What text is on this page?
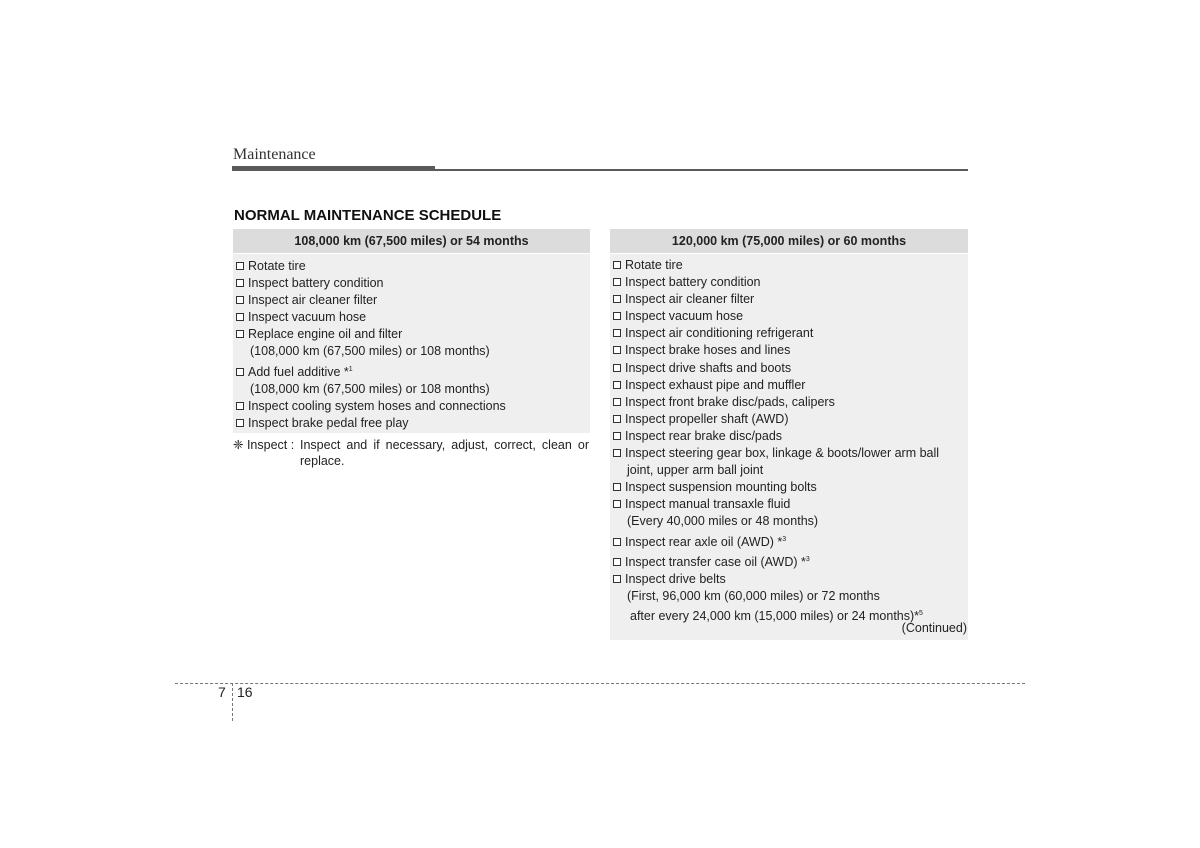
Maintenance
NORMAL MAINTENANCE SCHEDULE
108,000 km (67,500 miles) or 54 months
Rotate tire
Inspect battery condition
Inspect air cleaner filter
Inspect vacuum hose
Replace engine oil and filter
(108,000 km (67,500 miles) or 108 months)
Add fuel additive *$^1$
(108,000 km (67,500 miles) or 108 months)
Inspect cooling system hoses and connections
Inspect brake pedal free play
❈ Inspect : Inspect and if necessary, adjust, correct, clean or replace.
120,000 km (75,000 miles) or 60 months
Rotate tire
Inspect battery condition
Inspect air cleaner filter
Inspect vacuum hose
Inspect air conditioning refrigerant
Inspect brake hoses and lines
Inspect drive shafts and boots
Inspect exhaust pipe and muffler
Inspect front brake disc/pads, calipers
Inspect propeller shaft (AWD)
Inspect rear brake disc/pads
Inspect steering gear box, linkage & boots/lower arm ball
joint, upper arm ball joint
Inspect suspension mounting bolts
Inspect manual transaxle fluid
(Every 40,000 miles or 48 months)
Inspect rear axle oil (AWD) *$^3$
Inspect transfer case oil (AWD) *$^3$
Inspect drive belts
(First, 96,000 km (60,000 miles) or 72 months
after every 24,000 km (15,000 miles) or 24 months)*$^5$
(Continued)
7 16
